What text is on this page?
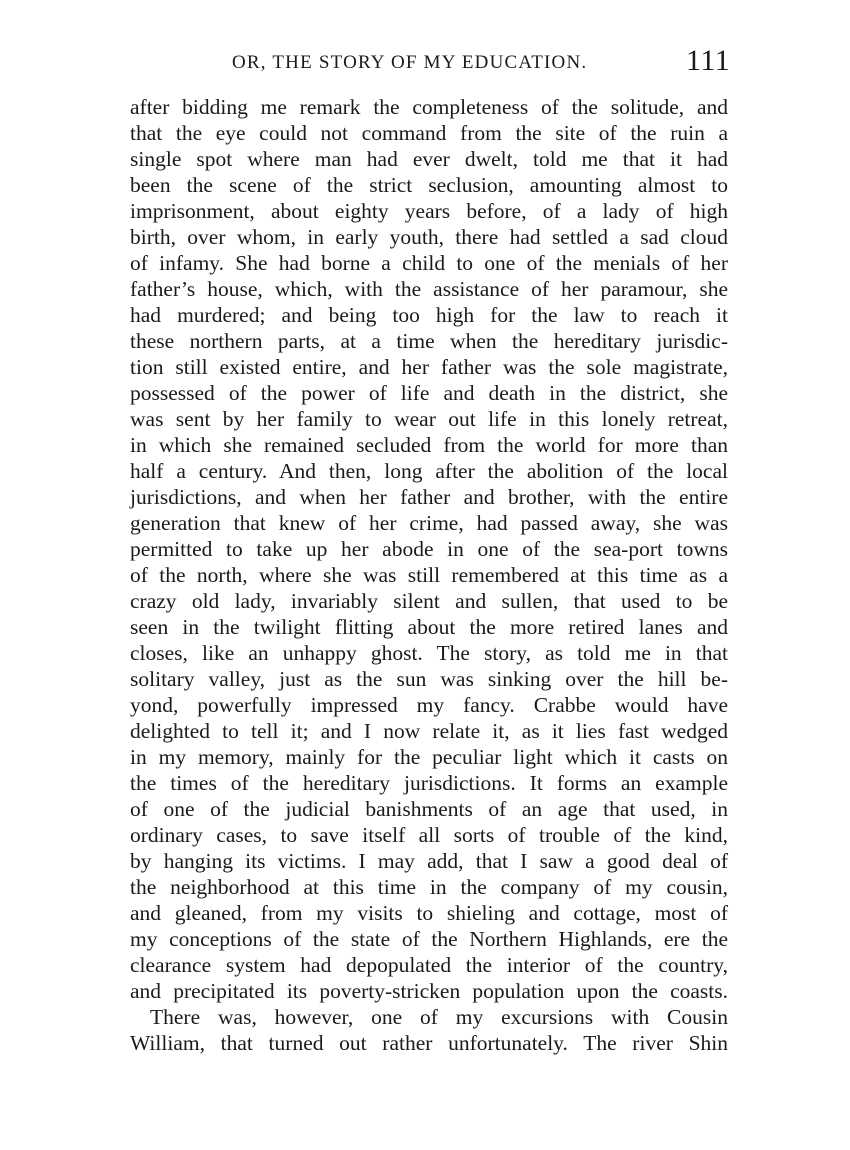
OR, THE STORY OF MY EDUCATION.	111
after bidding me remark the completeness of the solitude, and
that the eye could not command from the site of the ruin a
single spot where man had ever dwelt, told me that it had
been the scene of the strict seclusion, amounting almost to
imprisonment, about eighty years before, of a lady of high
birth, over whom, in early youth, there had settled a sad cloud
of infamy. She had borne a child to one of the menials of her
father’s house, which, with the assistance of her paramour, she
had murdered; and being too high for the law to reach it
these northern parts, at a time when the hereditary jurisdic-
tion still existed entire, and her father was the sole magistrate,
possessed of the power of life and death in the district, she
was sent by her family to wear out life in this lonely retreat,
in which she remained secluded from the world for more than
half a century. And then, long after the abolition of the local
jurisdictions, and when her father and brother, with the entire
generation that knew of her crime, had passed away, she was
permitted to take up her abode in one of the sea-port towns
of the north, where she was still remembered at this time as a
crazy old lady, invariably silent and sullen, that used to be
seen in the twilight flitting about the more retired lanes and
closes, like an unhappy ghost. The story, as told me in that
solitary valley, just as the sun was sinking over the hill be-
yond, powerfully impressed my fancy. Crabbe would have
delighted to tell it; and I now relate it, as it lies fast wedged
in my memory, mainly for the peculiar light which it casts on
the times of the hereditary jurisdictions. It forms an example
of one of the judicial banishments of an age that used, in
ordinary cases, to save itself all sorts of trouble of the kind,
by hanging its victims. I may add, that I saw a good deal of
the neighborhood at this time in the company of my cousin,
and gleaned, from my visits to shieling and cottage, most of
my conceptions of the state of the Northern Highlands, ere the
clearance system had depopulated the interior of the country,
and precipitated its poverty-stricken population upon the coasts.
There was, however, one of my excursions with Cousin
William, that turned out rather unfortunately. The river Shin
